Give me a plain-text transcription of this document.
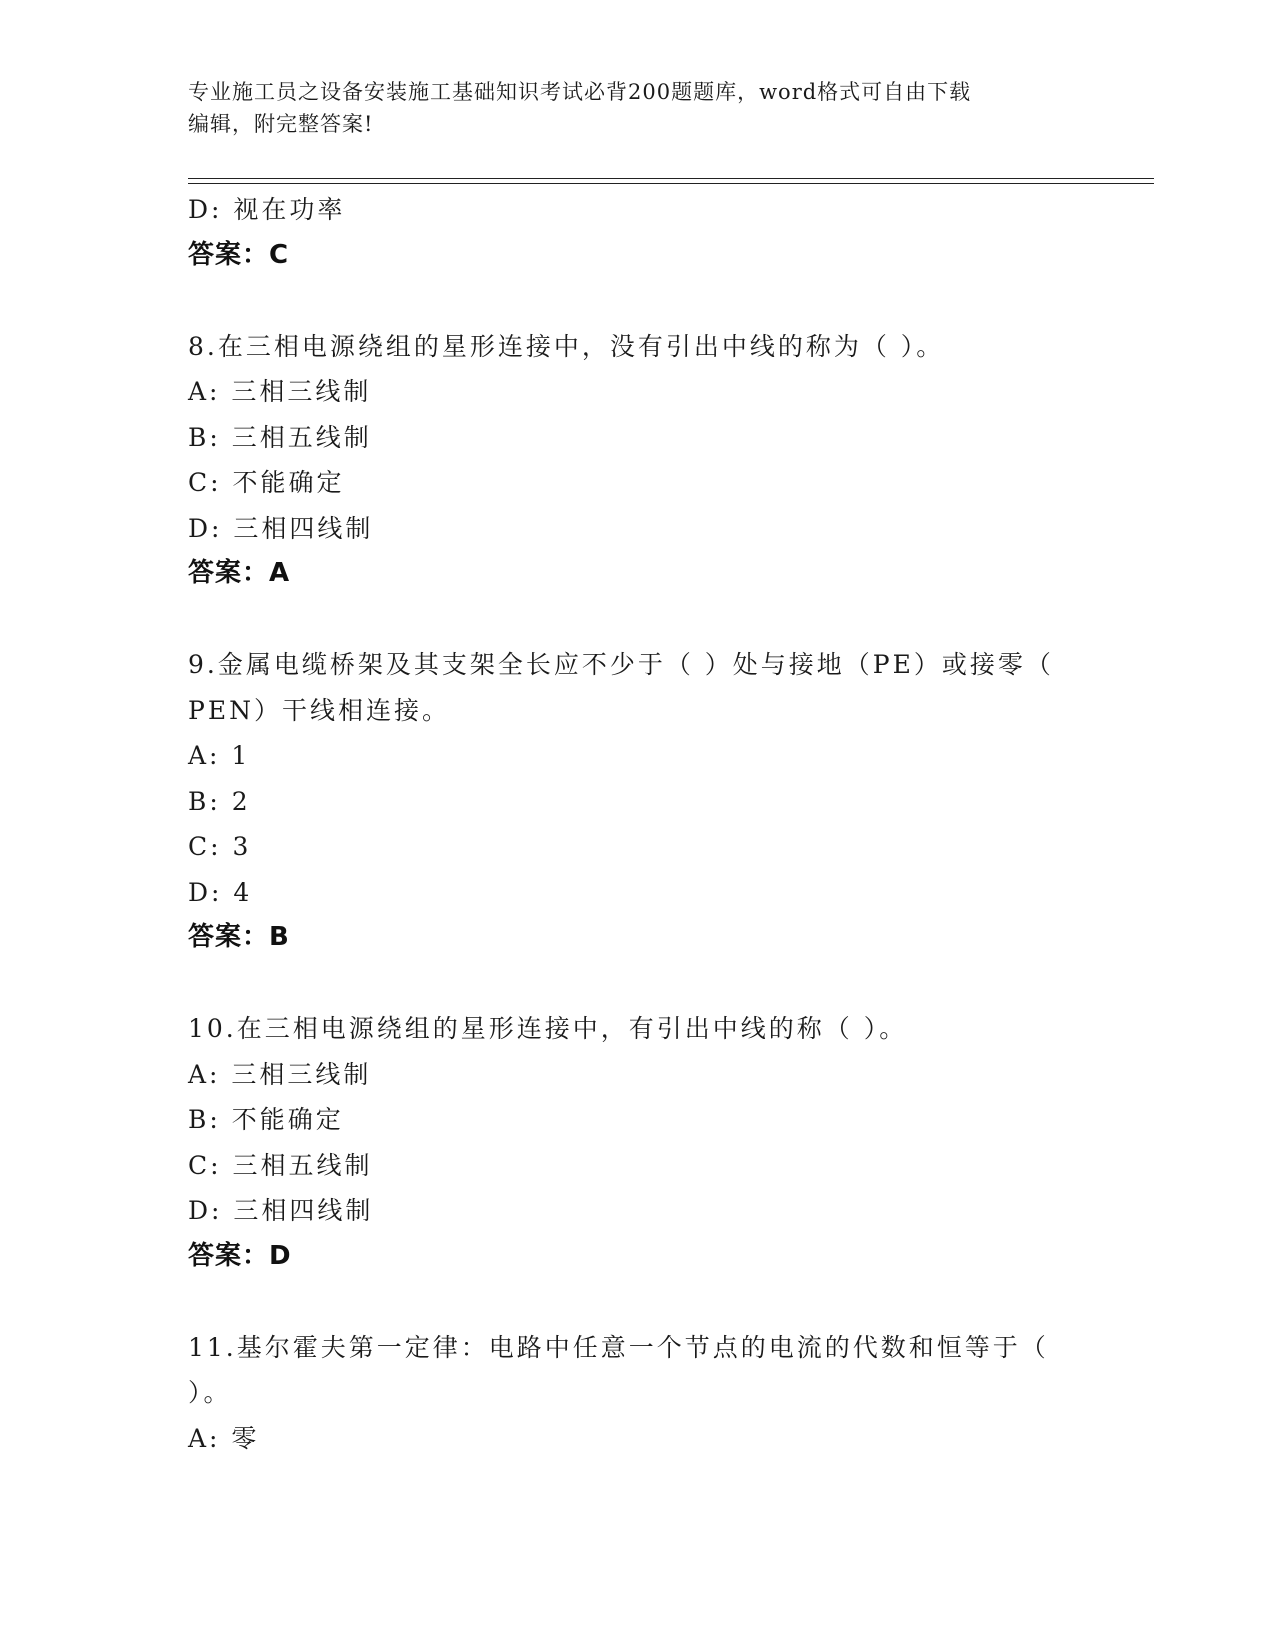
专业施工员之设备安装施工基础知识考试必背200题题库，word格式可自由下载
编辑，附完整答案!
D: 视在功率
答案：C
8.在三相电源绕组的星形连接中，没有引出中线的称为（ ）。
A: 三相三线制
B: 三相五线制
C: 不能确定
D: 三相四线制
答案：A
9.金属电缆桥架及其支架全长应不少于（ ）处与接地（PE）或接零（
PEN）干线相连接。
A: 1
B: 2
C: 3
D: 4
答案：B
10.在三相电源绕组的星形连接中，有引出中线的称（ ）。
A: 三相三线制
B: 不能确定
C: 三相五线制
D: 三相四线制
答案：D
11.基尔霍夫第一定律：电路中任意一个节点的电流的代数和恒等于（
）。
A: 零
